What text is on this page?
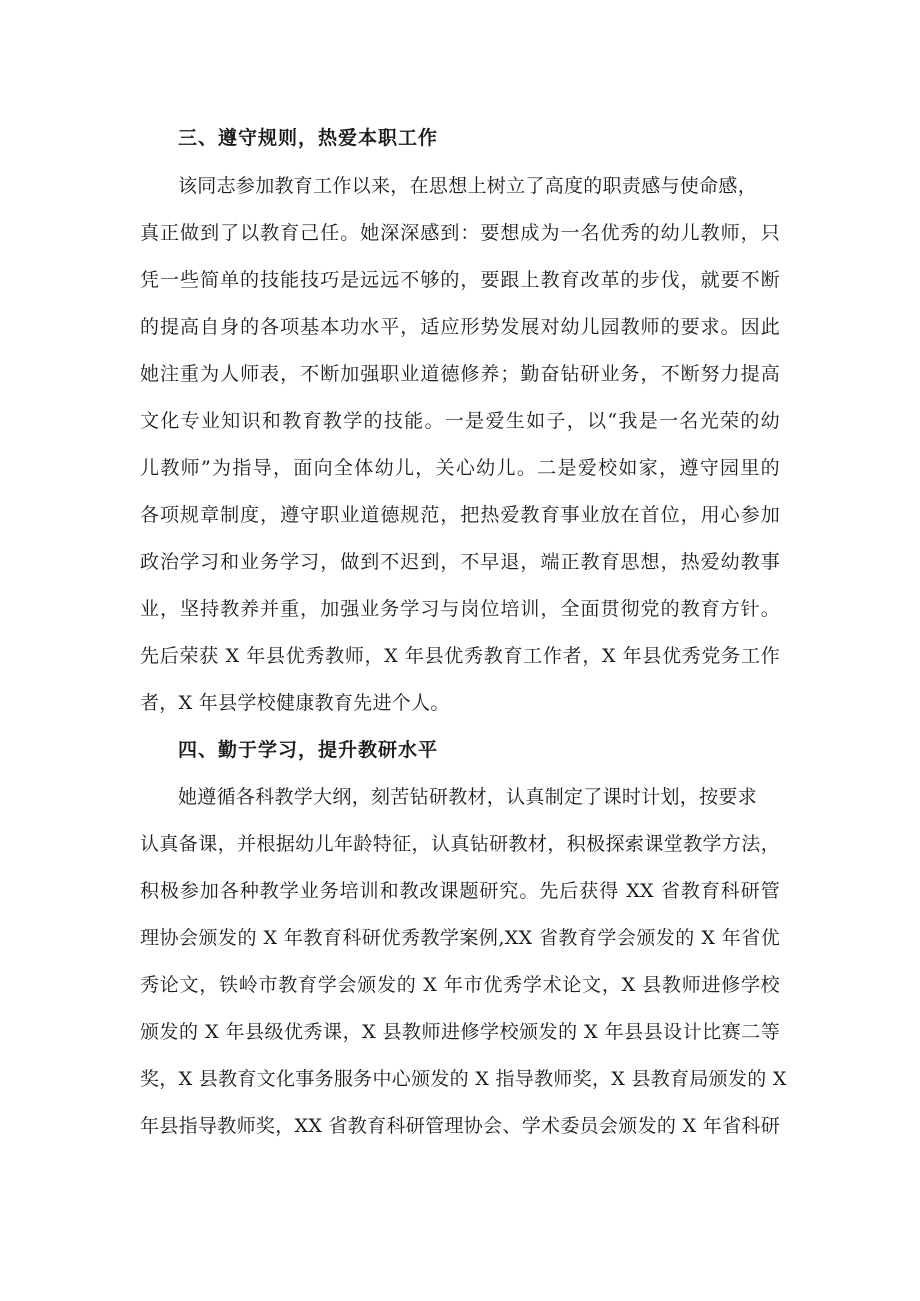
三、遵守规则，热爱本职工作
该同志参加教育工作以来，在思想上树立了高度的职责感与使命感，
真正做到了以教育己任。她深深感到：要想成为一名优秀的幼儿教师，只
凭一些简单的技能技巧是远远不够的，要跟上教育改革的步伐，就要不断
的提高自身的各项基本功水平，适应形势发展对幼儿园教师的要求。因此
她注重为人师表，不断加强职业道德修养；勤奋钻研业务，不断努力提高
文化专业知识和教育教学的技能。一是爱生如子，以“我是一名光荣的幼
儿教师”为指导，面向全体幼儿，关心幼儿。二是爱校如家，遵守园里的
各项规章制度，遵守职业道德规范，把热爱教育事业放在首位，用心参加
政治学习和业务学习，做到不迟到，不早退，端正教育思想，热爱幼教事
业，坚持教养并重，加强业务学习与岗位培训，全面贯彻党的教育方针。
先后荣获 X 年县优秀教师，X 年县优秀教育工作者，X 年县优秀党务工作
者，X 年县学校健康教育先进个人。
四、勤于学习，提升教研水平
她遵循各科教学大纲，刻苦钻研教材，认真制定了课时计划，按要求
认真备课，并根据幼儿年龄特征，认真钻研教材，积极探索课堂教学方法，
积极参加各种教学业务培训和教改课题研究。先后获得 XX 省教育科研管
理协会颁发的 X 年教育科研优秀教学案例,XX 省教育学会颁发的 X 年省优
秀论文，铁岭市教育学会颁发的 X 年市优秀学术论文，X 县教师进修学校
颁发的 X 年县级优秀课，X 县教师进修学校颁发的 X 年县县设计比赛二等
奖，X 县教育文化事务服务中心颁发的 X 指导教师奖，X 县教育局颁发的 X
年县指导教师奖，XX 省教育科研管理协会、学术委员会颁发的 X 年省科研
